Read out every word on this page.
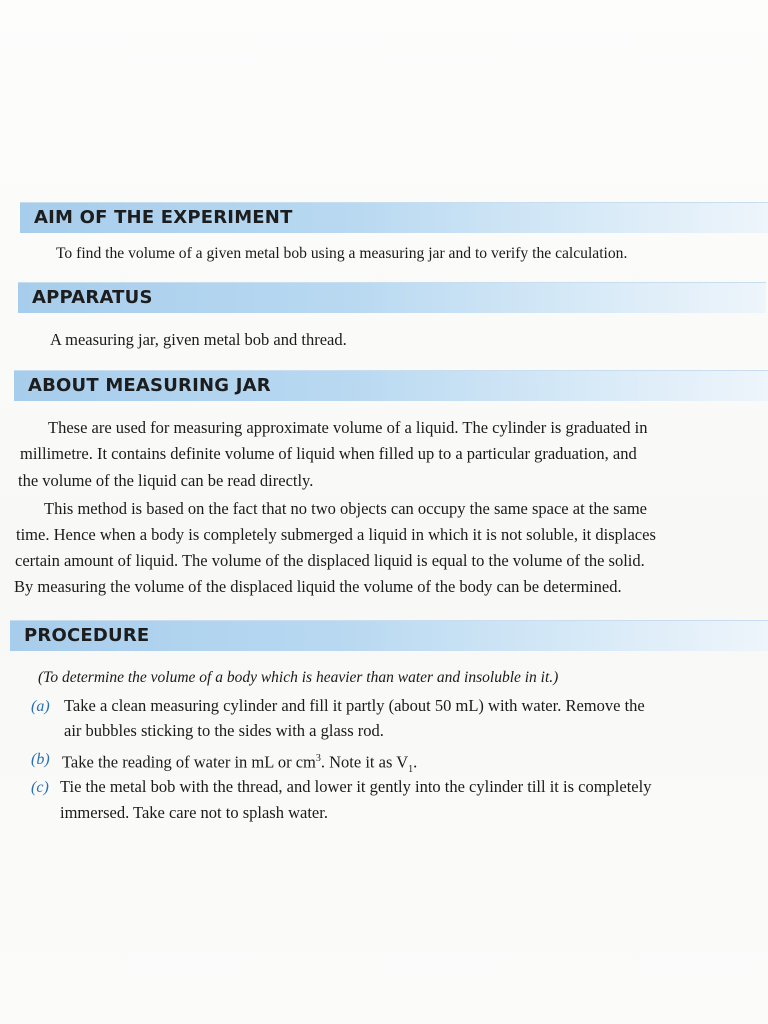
AIM OF THE EXPERIMENT
To find the volume of a given metal bob using a measuring jar and to verify the calculation.
APPARATUS
A measuring jar, given metal bob and thread.
ABOUT MEASURING JAR
These are used for measuring approximate volume of a liquid. The cylinder is graduated in
millimetre. It contains definite volume of liquid when filled up to a particular graduation, and
the volume of the liquid can be read directly.
This method is based on the fact that no two objects can occupy the same space at the same
time. Hence when a body is completely submerged a liquid in which it is not soluble, it displaces
certain amount of liquid. The volume of the displaced liquid is equal to the volume of the solid.
By measuring the volume of the displaced liquid the volume of the body can be determined.
PROCEDURE
(To determine the volume of a body which is heavier than water and insoluble in it.)
(a) Take a clean measuring cylinder and fill it partly (about 50 mL) with water. Remove the
air bubbles sticking to the sides with a glass rod.
(b) Take the reading of water in mL or $cm^3$. Note it as $V_1$.
(c) Tie the metal bob with the thread, and lower it gently into the cylinder till it is completely
immersed. Take care not to splash water.
